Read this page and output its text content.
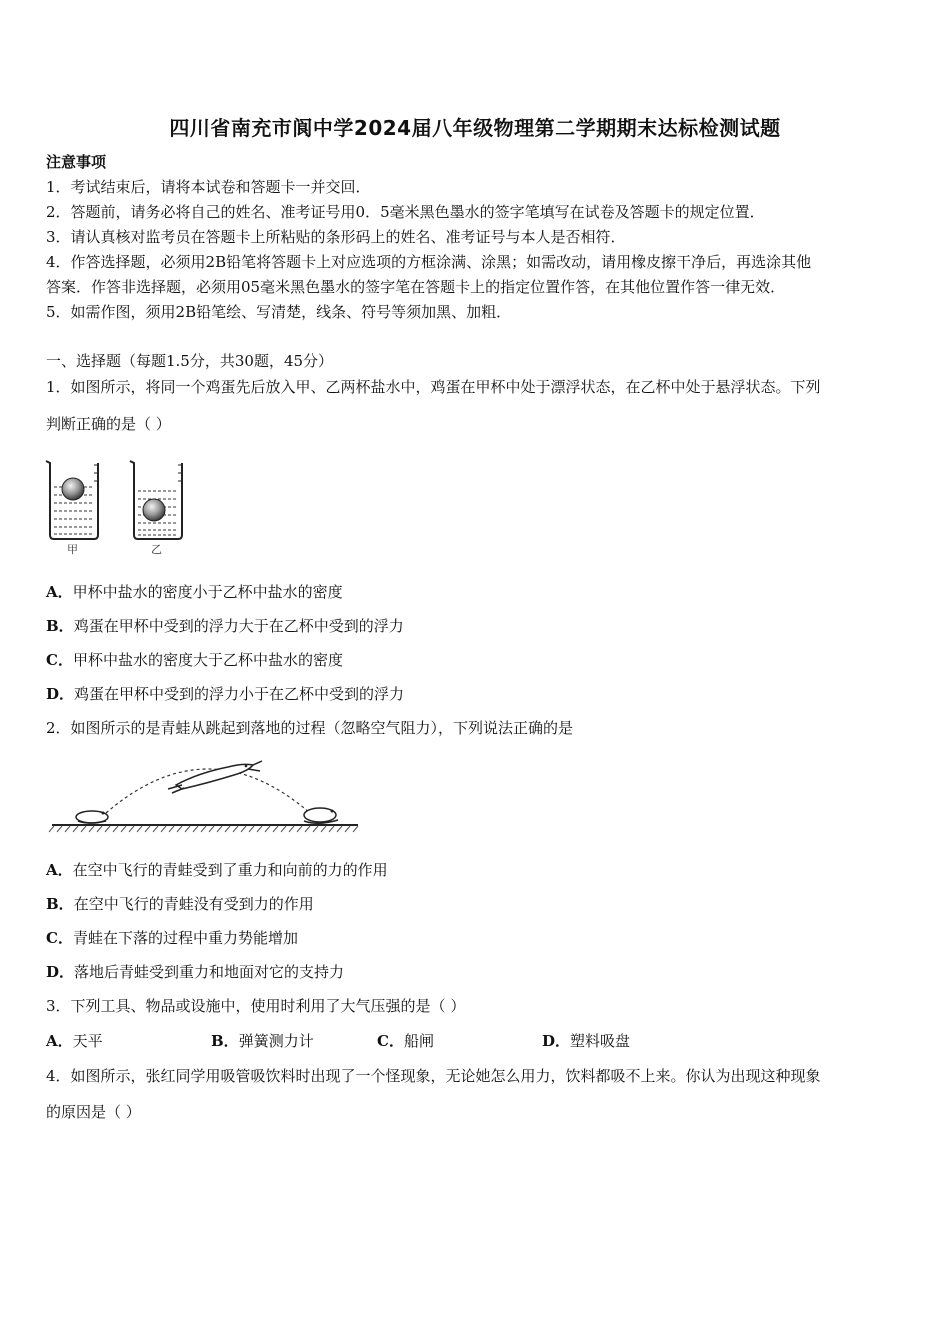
四川省南充市阆中学2024届八年级物理第二学期期末达标检测试题
注意事项
1．考试结束后，请将本试卷和答题卡一并交回．
2．答题前，请务必将自己的姓名、准考证号用0．5毫米黑色墨水的签字笔填写在试卷及答题卡的规定位置．
3．请认真核对监考员在答题卡上所粘贴的条形码上的姓名、准考证号与本人是否相符．
4．作答选择题，必须用2B铅笔将答题卡上对应选项的方框涂满、涂黑；如需改动，请用橡皮擦干净后，再选涂其他
答案．作答非选择题，必须用05毫米黑色墨水的签字笔在答题卡上的指定位置作答，在其他位置作答一律无效．
5．如需作图，须用2B铅笔绘、写清楚，线条、符号等须加黑、加粗．
一、选择题（每题1.5分，共30题，45分）
1．如图所示，将同一个鸡蛋先后放入甲、乙两杯盐水中，鸡蛋在甲杯中处于漂浮状态，在乙杯中处于悬浮状态。下列
判断正确的是（ ）
甲	乙
A．甲杯中盐水的密度小于乙杯中盐水的密度
B．鸡蛋在甲杯中受到的浮力大于在乙杯中受到的浮力
C．甲杯中盐水的密度大于乙杯中盐水的密度
D．鸡蛋在甲杯中受到的浮力小于在乙杯中受到的浮力
2．如图所示的是青蛙从跳起到落地的过程（忽略空气阻力），下列说法正确的是
A．在空中飞行的青蛙受到了重力和向前的力的作用
B．在空中飞行的青蛙没有受到力的作用
C．青蛙在下落的过程中重力势能增加
D．落地后青蛙受到重力和地面对它的支持力
3．下列工具、物品或设施中，使用时利用了大气压强的是（ ）
A．天平	B．弹簧测力计	C．船闸	D．塑料吸盘
4．如图所示，张红同学用吸管吸饮料时出现了一个怪现象，无论她怎么用力，饮料都吸不上来。你认为出现这种现象
的原因是（ ）
